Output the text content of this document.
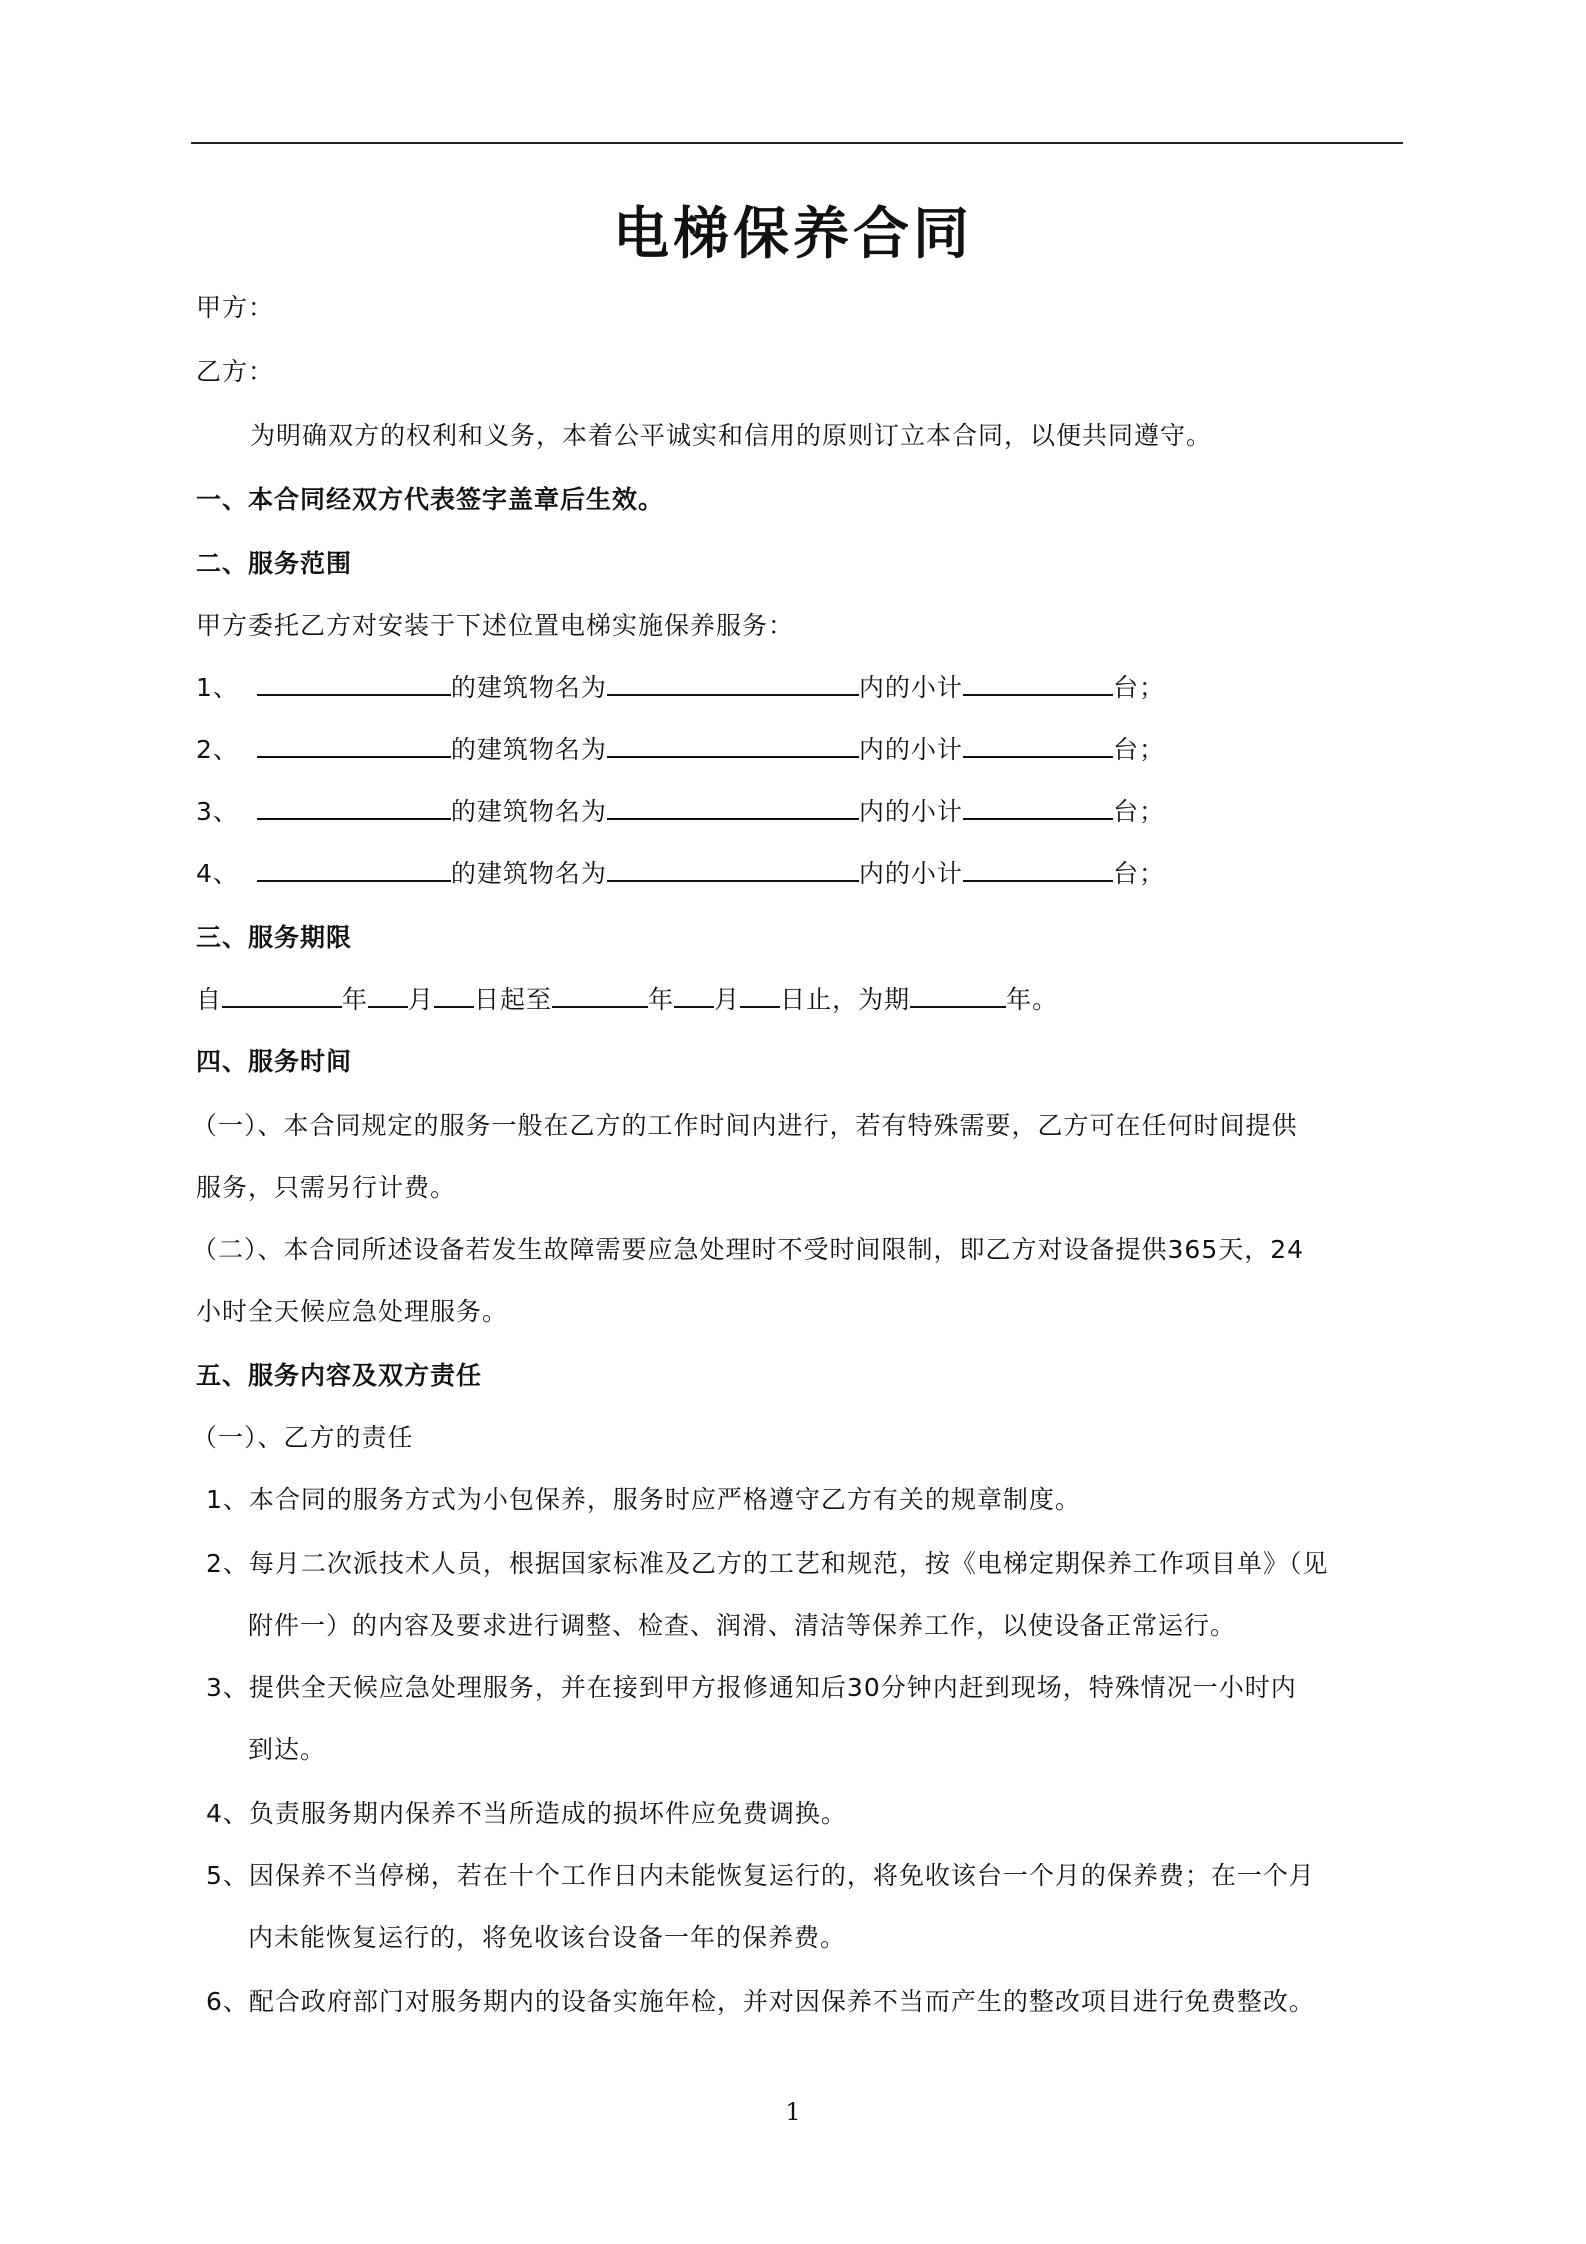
电梯保养合同
甲方：
乙方：
为明确双方的权利和义务，本着公平诚实和信用的原则订立本合同，以便共同遵守。
一、本合同经双方代表签字盖章后生效。
二、服务范围
甲方委托乙方对安装于下述位置电梯实施保养服务：
1、	的建筑物名为	内的小计	台；
2、	的建筑物名为	内的小计	台；
3、	的建筑物名为	内的小计	台；
4、	的建筑物名为	内的小计	台；
三、服务期限
自	年 月 日起至	年 月 日止，为期	年。
四、服务时间
（一）、本合同规定的服务一般在乙方的工作时间内进行，若有特殊需要，乙方可在任何时间提供
服务，只需另行计费。
（二）、本合同所述设备若发生故障需要应急处理时不受时间限制，即乙方对设备提供365天，24
小时全天候应急处理服务。
五、服务内容及双方责任
（一）、乙方的责任
1、本合同的服务方式为小包保养，服务时应严格遵守乙方有关的规章制度。
2、每月二次派技术人员，根据国家标准及乙方的工艺和规范，按《电梯定期保养工作项目单》（见
附件一）的内容及要求进行调整、检查、润滑、清洁等保养工作，以使设备正常运行。
3、提供全天候应急处理服务，并在接到甲方报修通知后30分钟内赶到现场，特殊情况一小时内
到达。
4、负责服务期内保养不当所造成的损坏件应免费调换。
5、因保养不当停梯，若在十个工作日内未能恢复运行的，将免收该台一个月的保养费；在一个月
内未能恢复运行的，将免收该台设备一年的保养费。
6、配合政府部门对服务期内的设备实施年检，并对因保养不当而产生的整改项目进行免费整改。
1
